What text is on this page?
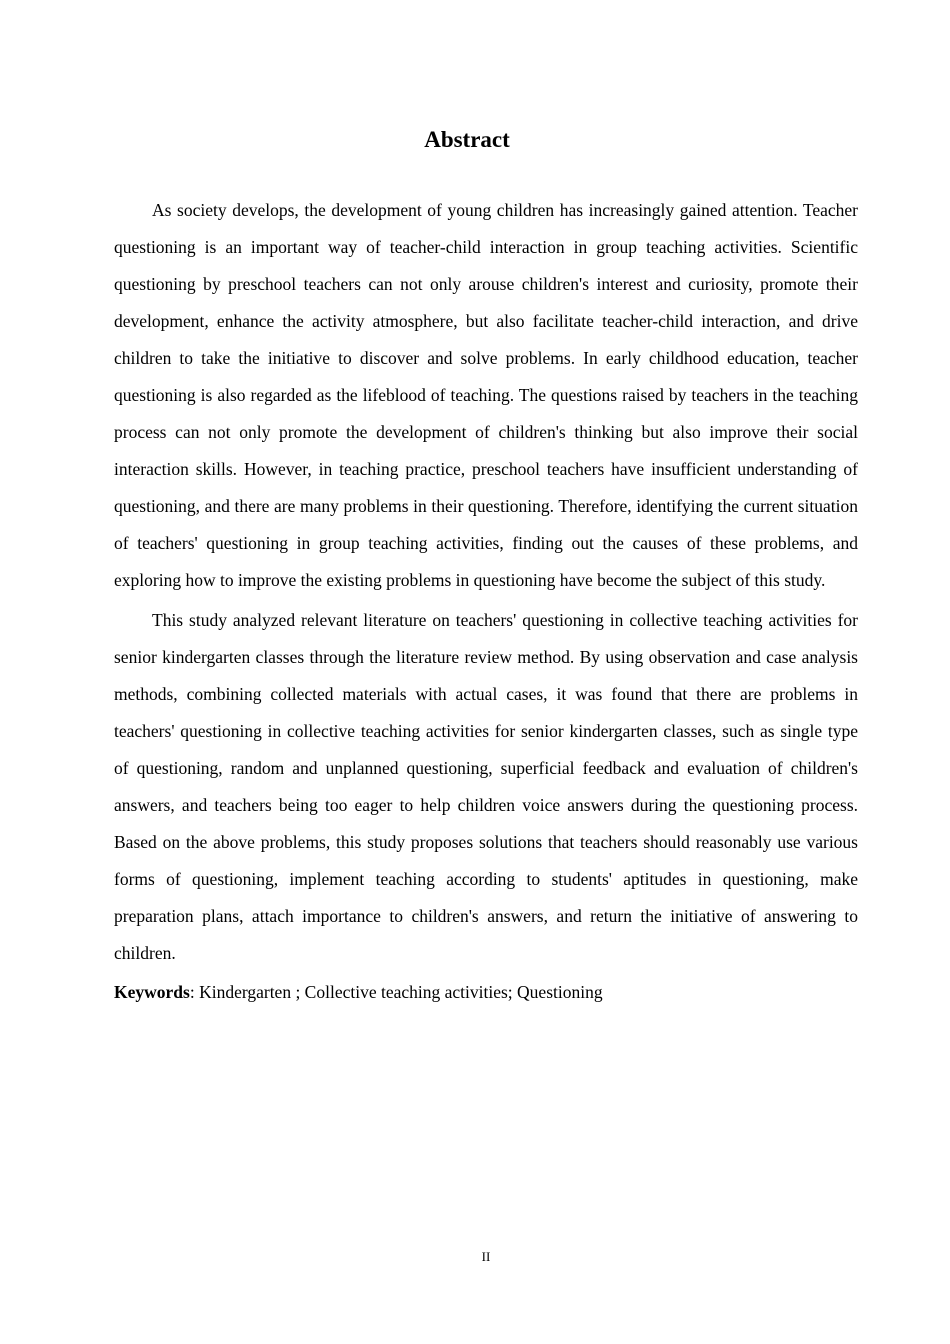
Abstract

As society develops, the development of young children has increasingly gained attention. Teacher questioning is an important way of teacher-child interaction in group teaching activities. Scientific questioning by preschool teachers can not only arouse children's interest and curiosity, promote their development, enhance the activity atmosphere, but also facilitate teacher-child interaction, and drive children to take the initiative to discover and solve problems. In early childhood education, teacher questioning is also regarded as the lifeblood of teaching. The questions raised by teachers in the teaching process can not only promote the development of children's thinking but also improve their social interaction skills. However, in teaching practice, preschool teachers have insufficient understanding of questioning, and there are many problems in their questioning. Therefore, identifying the current situation of teachers' questioning in group teaching activities, finding out the causes of these problems, and exploring how to improve the existing problems in questioning have become the subject of this study.

This study analyzed relevant literature on teachers' questioning in collective teaching activities for senior kindergarten classes through the literature review method. By using observation and case analysis methods, combining collected materials with actual cases, it was found that there are problems in teachers' questioning in collective teaching activities for senior kindergarten classes, such as single type of questioning, random and unplanned questioning, superficial feedback and evaluation of children's answers, and teachers being too eager to help children voice answers during the questioning process. Based on the above problems, this study proposes solutions that teachers should reasonably use various forms of questioning, implement teaching according to students' aptitudes in questioning, make preparation plans, attach importance to children's answers, and return the initiative of answering to children.

Keywords: Kindergarten ; Collective teaching activities; Questioning

II
